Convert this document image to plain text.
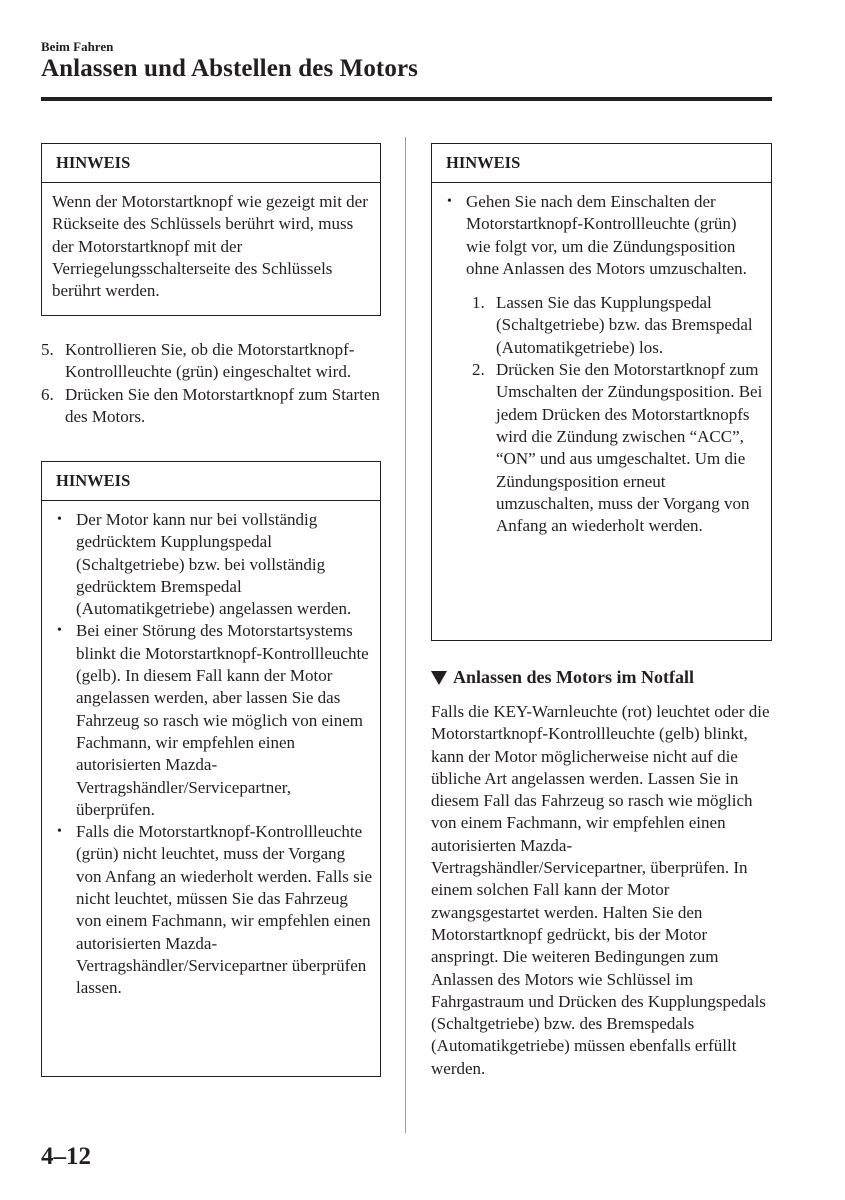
Beim Fahren
Anlassen und Abstellen des Motors
HINWEIS

Wenn der Motorstartknopf wie gezeigt mit der Rückseite des Schlüssels berührt wird, muss der Motorstartknopf mit der Verriegelungsschalterseite des Schlüssels berührt werden.

5. Kontrollieren Sie, ob die Motorstartknopf-Kontrollleuchte (grün) eingeschaltet wird.
6. Drücken Sie den Motorstartknopf zum Starten des Motors.
HINWEIS
• Der Motor kann nur bei vollständig gedrücktem Kupplungspedal (Schaltgetriebe) bzw. bei vollständig gedrücktem Bremspedal (Automatikgetriebe) angelassen werden.
• Bei einer Störung des Motorstartsystems blinkt die Motorstartknopf-Kontrollleuchte (gelb). In diesem Fall kann der Motor angelassen werden, aber lassen Sie das Fahrzeug so rasch wie möglich von einem Fachmann, wir empfehlen einen autorisierten Mazda-Vertragshändler/Servicepartner, überprüfen.
• Falls die Motorstartknopf-Kontrollleuchte (grün) nicht leuchtet, muss der Vorgang von Anfang an wiederholt werden. Falls sie nicht leuchtet, müssen Sie das Fahrzeug von einem Fachmann, wir empfehlen einen autorisierten Mazda-Vertragshändler/Servicepartner überprüfen lassen.
HINWEIS
• Gehen Sie nach dem Einschalten der Motorstartknopf-Kontrollleuchte (grün) wie folgt vor, um die Zündungsposition ohne Anlassen des Motors umzuschalten.
1. Lassen Sie das Kupplungspedal (Schaltgetriebe) bzw. das Bremspedal (Automatikgetriebe) los.
2. Drücken Sie den Motorstartknopf zum Umschalten der Zündungsposition. Bei jedem Drücken des Motorstartknopfs wird die Zündung zwischen “ACC”, “ON” und aus umgeschaltet. Um die Zündungsposition erneut umzuschalten, muss der Vorgang von Anfang an wiederholt werden.
Anlassen des Motors im Notfall

Falls die KEY-Warnleuchte (rot) leuchtet oder die Motorstartknopf-Kontrollleuchte (gelb) blinkt, kann der Motor möglicherweise nicht auf die übliche Art angelassen werden. Lassen Sie in diesem Fall das Fahrzeug so rasch wie möglich von einem Fachmann, wir empfehlen einen autorisierten Mazda-Vertragshändler/Servicepartner, überprüfen. In einem solchen Fall kann der Motor zwangsgestartet werden. Halten Sie den Motorstartknopf gedrückt, bis der Motor anspringt. Die weiteren Bedingungen zum Anlassen des Motors wie Schlüssel im Fahrgastraum und Drücken des Kupplungspedals (Schaltgetriebe) bzw. des Bremspedals (Automatikgetriebe) müssen ebenfalls erfüllt werden.

4–12
